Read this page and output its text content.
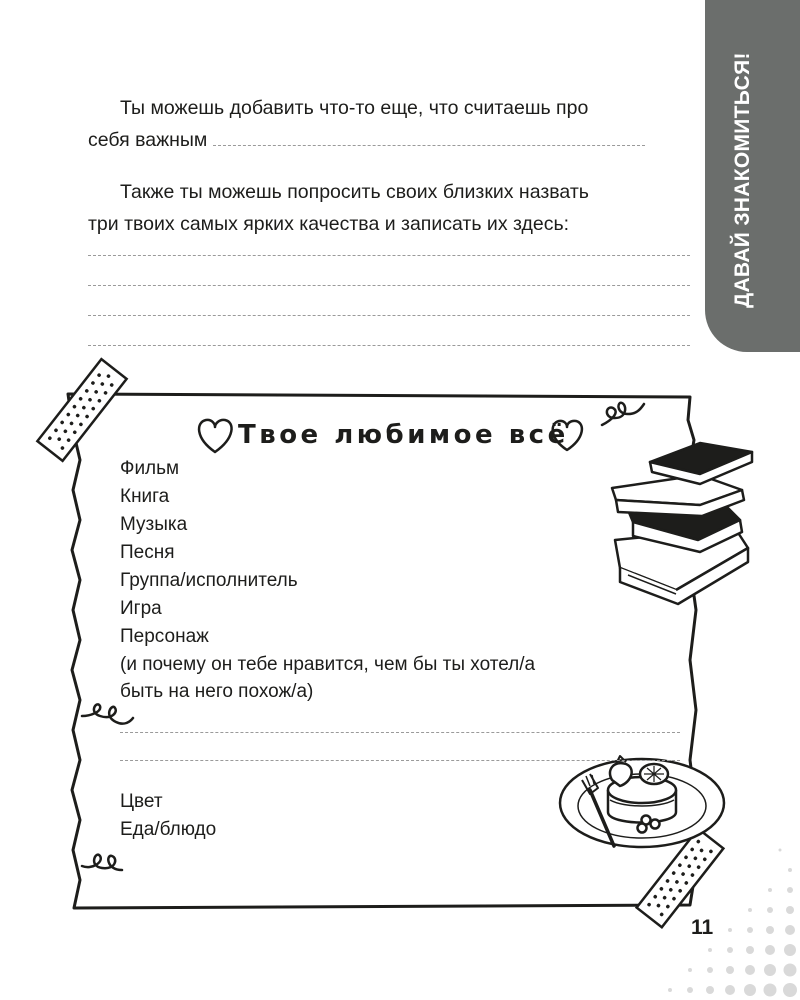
ДАВАЙ ЗНАКОМИТЬСЯ!

Ты можешь добавить что-то еще, что считаешь про
себя важным

Также ты можешь попросить своих близких назвать
три твоих самых ярких качества и записать их здесь:

Твое любимое всё
Фильм
Книга
Музыка
Песня
Группа/исполнитель
Игра
Персонаж

(и почему он тебе нравится, чем бы ты хотел/а
быть на него похож/а)

Цвет
Еда/блюдо
11
